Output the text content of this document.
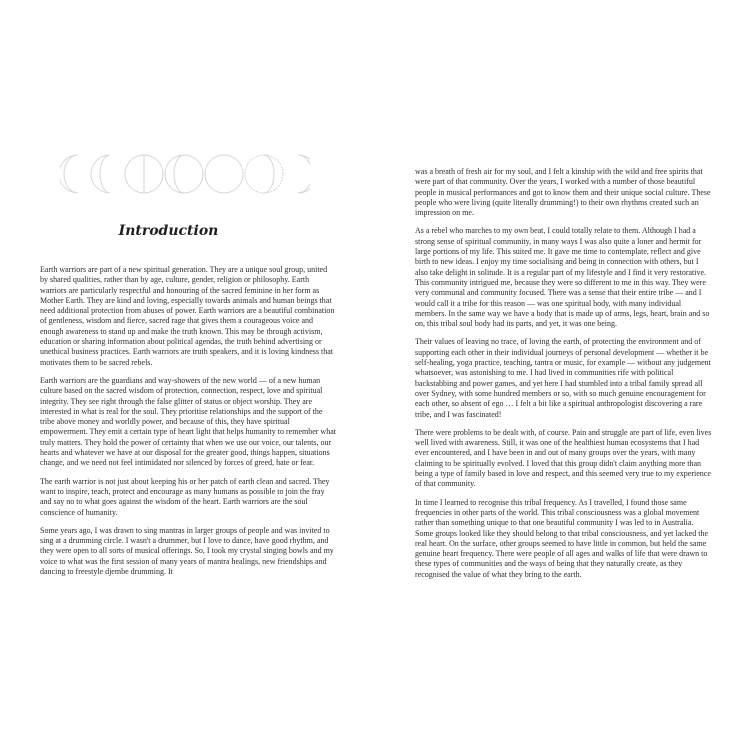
Introduction

Earth warriors are part of a new spiritual generation. They are a unique soul group, united by shared qualities, rather than by age, culture, gender, religion or philosophy. Earth warriors are particularly respectful and honouring of the sacred feminine in her form as Mother Earth. They are kind and loving, especially towards animals and human beings that need additional protection from abuses of power. Earth warriors are a beautiful combination of gentleness, wisdom and fierce, sacred rage that gives them a courageous voice and enough awareness to stand up and make the truth known. This may be through activism, education or sharing information about political agendas, the truth behind advertising or unethical business practices. Earth warriors are truth speakers, and it is loving kindness that motivates them to be sacred rebels.

Earth warriors are the guardians and way-showers of the new world — of a new human culture based on the sacred wisdom of protection, connection, respect, love and spiritual integrity. They see right through the false glitter of status or object worship. They are interested in what is real for the soul. They prioritise relationships and the support of the tribe above money and worldly power, and because of this, they have spiritual empowerment. They emit a certain type of heart light that helps humanity to remember what truly matters. They hold the power of certainty that when we use our voice, our talents, our hearts and whatever we have at our disposal for the greater good, things happen, situations change, and we need not feel intimidated nor silenced by forces of greed, hate or fear.

The earth warrior is not just about keeping his or her patch of earth clean and sacred. They want to inspire, teach, protect and encourage as many humans as possible to join the fray and say no to what goes against the wisdom of the heart. Earth warriors are the soul conscience of humanity.

Some years ago, I was drawn to sing mantras in larger groups of people and was invited to sing at a drumming circle. I wasn't a drummer, but I love to dance, have good rhythm, and they were open to all sorts of musical offerings. So, I took my crystal singing bowls and my voice to what was the first session of many years of mantra healings, new friendships and dancing to freestyle djembe drumming. It

was a breath of fresh air for my soul, and I felt a kinship with the wild and free spirits that were part of that community. Over the years, I worked with a number of those beautiful people in musical performances and got to know them and their unique social culture. These people who were living (quite literally drumming!) to their own rhythms created such an impression on me.

As a rebel who marches to my own beat, I could totally relate to them. Although I had a strong sense of spiritual community, in many ways I was also quite a loner and hermit for large portions of my life. This suited me. It gave me time to contemplate, reflect and give birth to new ideas. I enjoy my time socialising and being in connection with others, but I also take delight in solitude. It is a regular part of my lifestyle and I find it very restorative. This community intrigued me, because they were so different to me in this way. They were very communal and community focused. There was a sense that their entire tribe — and I would call it a tribe for this reason — was one spiritual body, with many individual members. In the same way we have a body that is made up of arms, legs, heart, brain and so on, this tribal soul body had its parts, and yet, it was one being.

Their values of leaving no trace, of loving the earth, of protecting the environment and of supporting each other in their individual journeys of personal development — whether it be self-healing, yoga practice, teaching, tantra or music, for example — without any judgement whatsoever, was astonishing to me. I had lived in communities rife with political backstabbing and power games, and yet here I had stumbled into a tribal family spread all over Sydney, with some hundred members or so, with so much genuine encouragement for each other, so absent of ego … I felt a bit like a spiritual anthropologist discovering a rare tribe, and I was fascinated!

There were problems to be dealt with, of course. Pain and struggle are part of life, even lives well lived with awareness. Still, it was one of the healthiest human ecosystems that I had ever encountered, and I have been in and out of many groups over the years, with many claiming to be spiritually evolved. I loved that this group didn't claim anything more than being a type of family based in love and respect, and this seemed very true to my experience of that community.

In time I learned to recognise this tribal frequency. As I travelled, I found those same frequencies in other parts of the world. This tribal consciousness was a global movement rather than something unique to that one beautiful community I was led to in Australia. Some groups looked like they should belong to that tribal consciousness, and yet lacked the real heart. On the surface, other groups seemed to have little in common, but held the same genuine heart frequency. There were people of all ages and walks of life that were drawn to these types of communities and the ways of being that they naturally create, as they recognised the value of what they bring to the earth.
